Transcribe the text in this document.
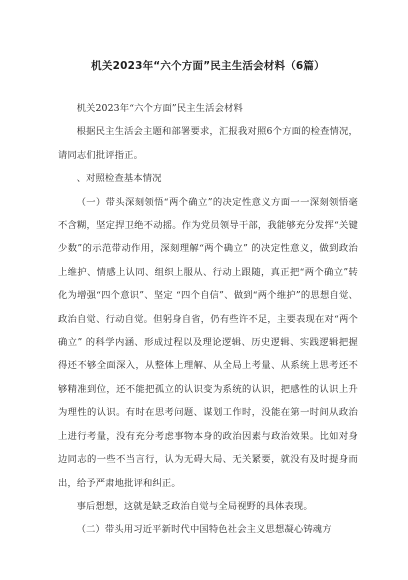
机关2023年“六个方面”民主生活会材料（6篇）

机关2023年“六个方面”民主生活会材料

根据民主生活会主题和部署要求，汇报我对照6个方面的检查情况，请同志们批评指正。

、对照检查基本情况

（一）带头深刻领悟“两个确立”的决定性意义方面一一深刻领悟毫不含糊，坚定捍卫绝不动摇。作为党员领导干部，我能够充分发挥“关键少数”的示范带动作用，深刻理解“两个确立” 的决定性意义，做到政治上维护、情感上认同、组织上服从、行动上跟随，真正把“两个确立”转化为增强“四个意识”、坚定 “四个自信”、做到“两个维护”的思想自觉、政治自觉、行动自觉。但躬身自省，仍有些许不足，主要表现在对“两个确立” 的科学内涵、形成过程以及理论逻辑、历史逻辑、实践逻辑把握得还不够全面深入，从整体上理解、从全局上考量、从系统上思考还不够精准到位，还不能把孤立的认识变为系统的认识，把感性的认识上升为理性的认识。有时在思考问题、谋划工作时，没能在第一时间从政治上进行考量，没有充分考虑事物本身的政治因素与政治效果。比如对身边同志的一些不当言行，认为无碍大局、无关紧要，就没有及时提身而出，给予严肃地批评和纠正。

事后想想，这就是缺乏政治自觉与全局视野的具体表现。

（二）带头用习近平新时代中国特色社会主义思想凝心铸魂方
